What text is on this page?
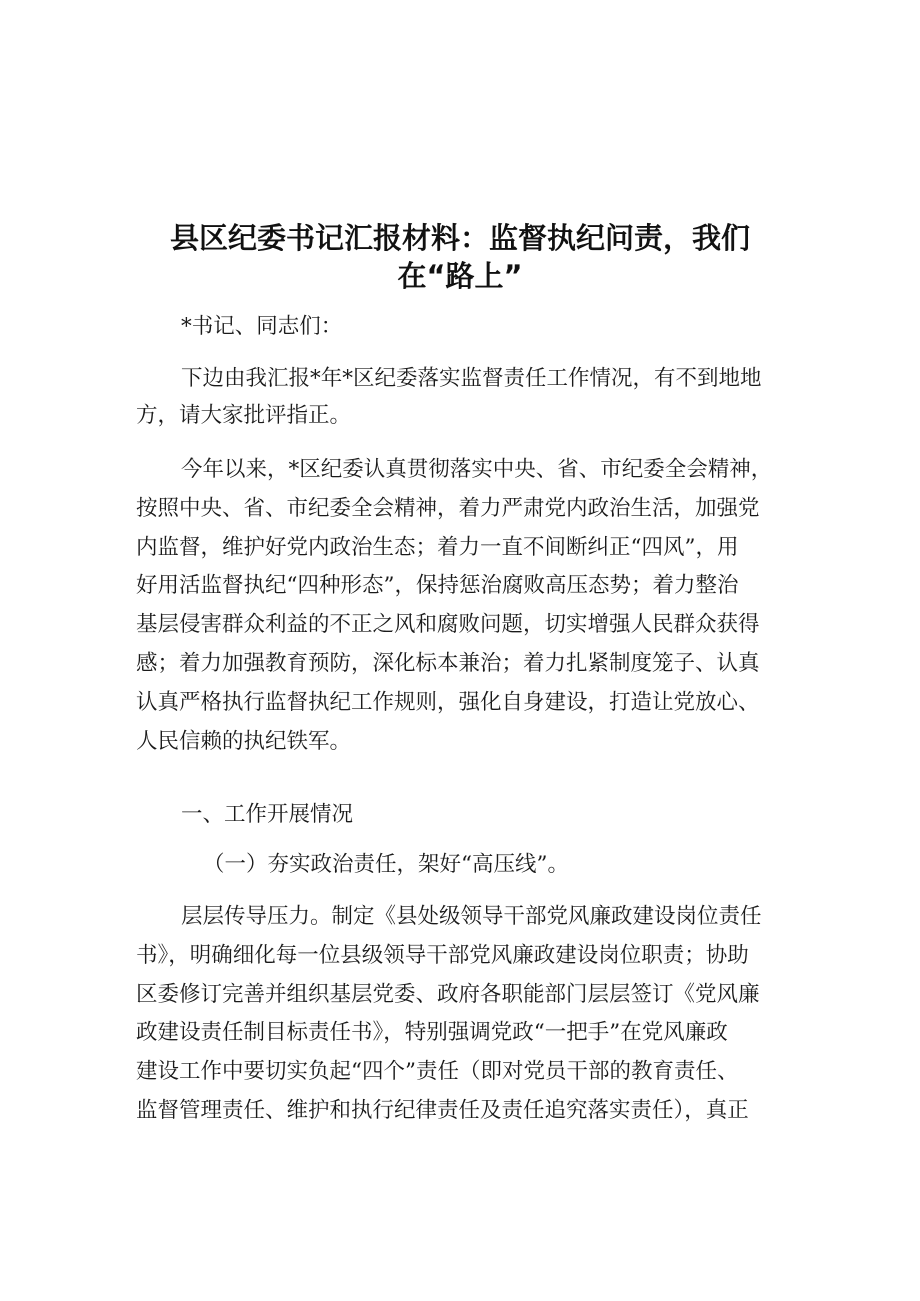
县区纪委书记汇报材料：监督执纪问责，我们
在“路上”
*书记、同志们：
下边由我汇报*年*区纪委落实监督责任工作情况，有不到地地
方，请大家批评指正。
今年以来，*区纪委认真贯彻落实中央、省、市纪委全会精神，
按照中央、省、市纪委全会精神，着力严肃党内政治生活，加强党
内监督，维护好党内政治生态；着力一直不间断纠正“四风”，用
好用活监督执纪“四种形态”，保持惩治腐败高压态势；着力整治
基层侵害群众利益的不正之风和腐败问题，切实增强人民群众获得
感；着力加强教育预防，深化标本兼治；着力扎紧制度笼子、认真
认真严格执行监督执纪工作规则，强化自身建设，打造让党放心、
人民信赖的执纪铁军。
一、工作开展情况
（一）夯实政治责任，架好“高压线”。
层层传导压力。制定《县处级领导干部党风廉政建设岗位责任
书》，明确细化每一位县级领导干部党风廉政建设岗位职责；协助
区委修订完善并组织基层党委、政府各职能部门层层签订《党风廉
政建设责任制目标责任书》，特别强调党政“一把手”在党风廉政
建设工作中要切实负起“四个”责任（即对党员干部的教育责任、
监督管理责任、维护和执行纪律责任及责任追究落实责任），真正
